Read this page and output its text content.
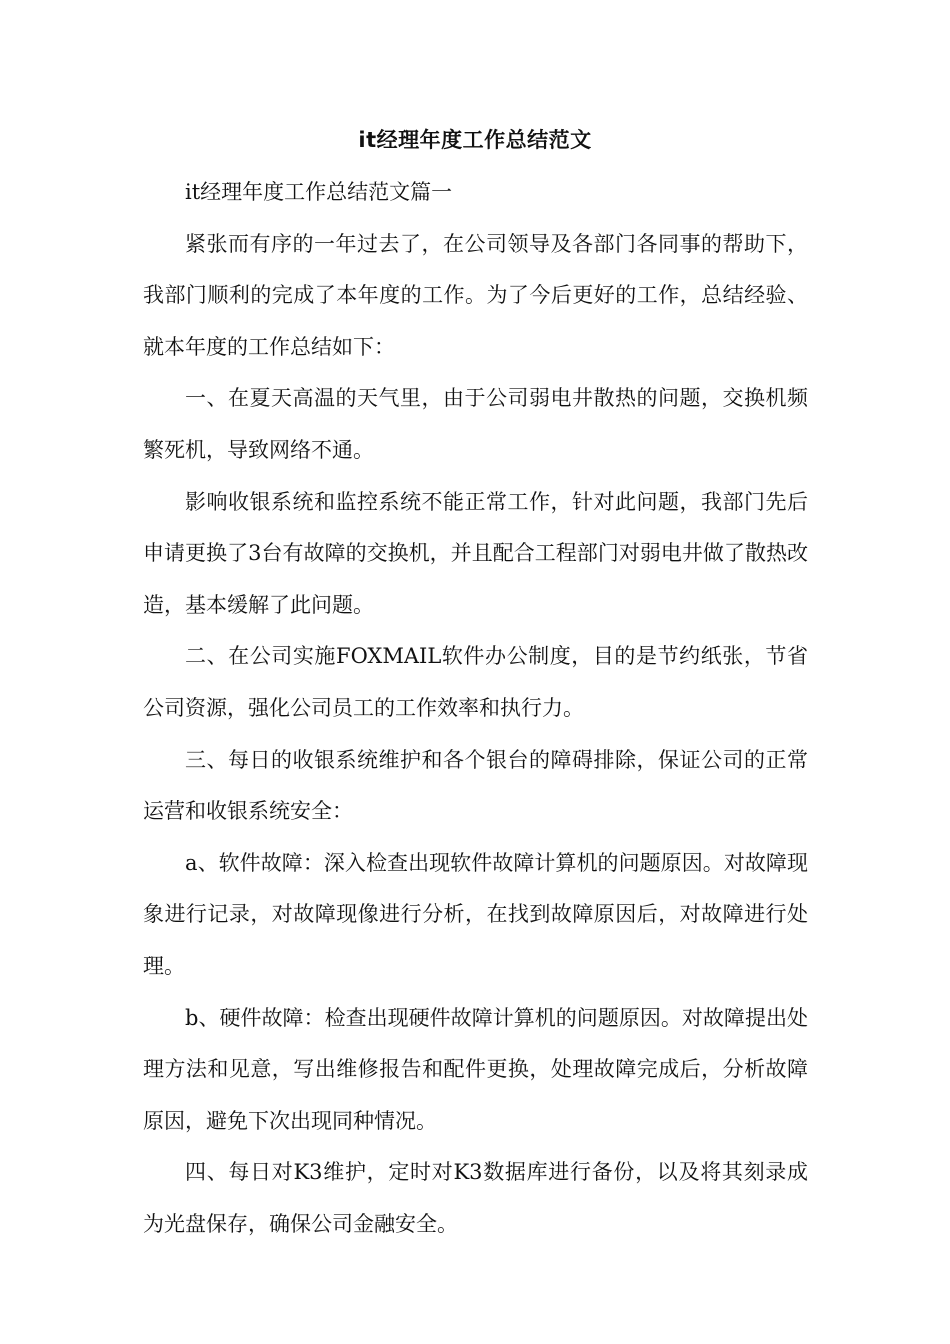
it经理年度工作总结范文

it经理年度工作总结范文篇一

紧张而有序的一年过去了，在公司领导及各部门各同事的帮助下，我部门顺利的完成了本年度的工作。为了今后更好的工作，总结经验、就本年度的工作总结如下：

一、在夏天高温的天气里，由于公司弱电井散热的问题，交换机频繁死机，导致网络不通。

影响收银系统和监控系统不能正常工作，针对此问题，我部门先后申请更换了3台有故障的交换机，并且配合工程部门对弱电井做了散热改造，基本缓解了此问题。

二、在公司实施FOXMAIL软件办公制度，目的是节约纸张，节省公司资源，强化公司员工的工作效率和执行力。

三、每日的收银系统维护和各个银台的障碍排除，保证公司的正常运营和收银系统安全：

a、软件故障：深入检查出现软件故障计算机的问题原因。对故障现象进行记录，对故障现像进行分析，在找到故障原因后，对故障进行处理。

b、硬件故障：检查出现硬件故障计算机的问题原因。对故障提出处理方法和见意，写出维修报告和配件更换，处理故障完成后，分析故障原因，避免下次出现同种情况。

四、每日对K3维护，定时对K3数据库进行备份，以及将其刻录成为光盘保存，确保公司金融安全。
